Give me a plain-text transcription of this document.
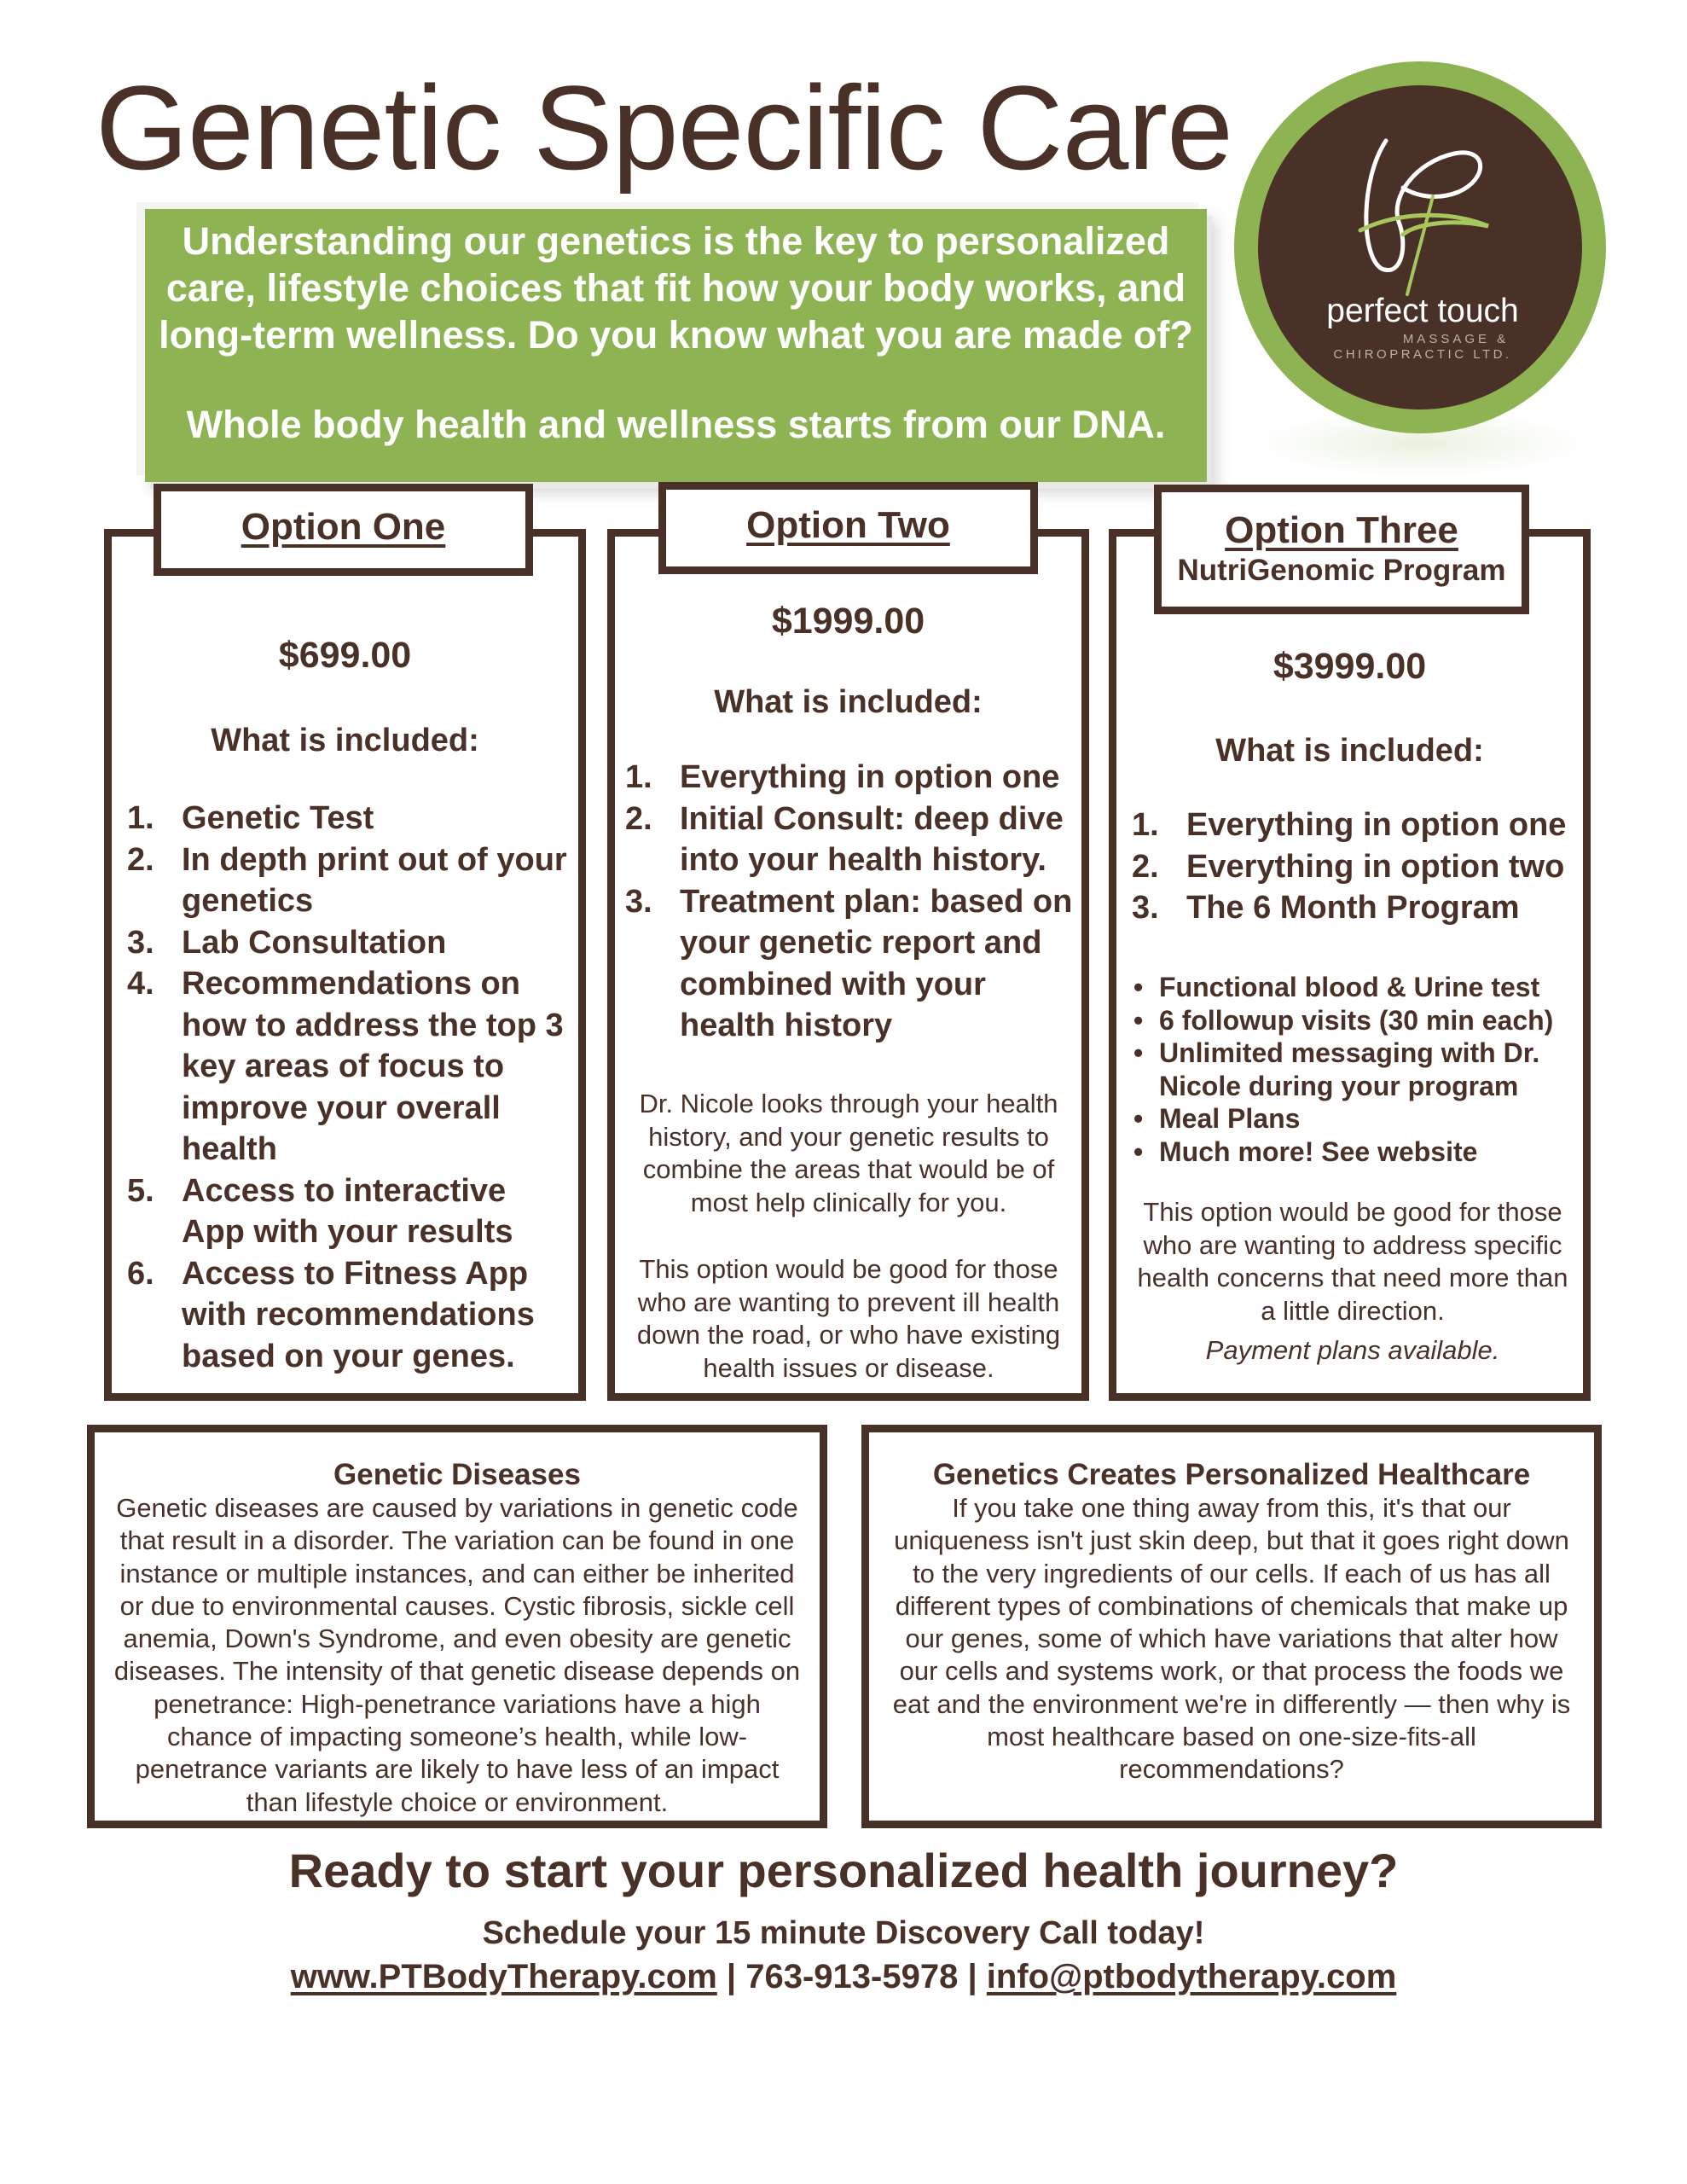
Genetic Specific Care

Understanding our genetics is the key to personalized care, lifestyle choices that fit how your body works, and long-term wellness. Do you know what you are made of?

Whole body health and wellness starts from our DNA.

perfect touch
MASSAGE &
CHIROPRACTIC LTD.
$699.00
What is included:
1. Genetic Test
2. In depth print out of your genetics
3. Lab Consultation
4. Recommendations on how to address the top 3 key areas of focus to improve your overall health
5. Access to interactive App with your results
6. Access to Fitness App with recommendations based on your genes.
Option One
$1999.00
What is included:
1. Everything in option one
2. Initial Consult: deep dive into your health history.
3. Treatment plan: based on your genetic report and combined with your health history
Dr. Nicole looks through your health history, and your genetic results to combine the areas that would be of most help clinically for you.
This option would be good for those who are wanting to prevent ill health down the road, or who have existing health issues or disease.
Option Two
$3999.00
What is included:
1. Everything in option one
2. Everything in option two
3. The 6 Month Program
• Functional blood & Urine test
• 6 followup visits (30 min each)
• Unlimited messaging with Dr. Nicole during your program
• Meal Plans
• Much more! See website
This option would be good for those who are wanting to address specific health concerns that need more than a little direction.
Payment plans available.
Option Three
NutriGenomic Program
Genetic Diseases

Genetic diseases are caused by variations in genetic code that result in a disorder. The variation can be found in one instance or multiple instances, and can either be inherited or due to environmental causes. Cystic fibrosis, sickle cell anemia, Down's Syndrome, and even obesity are genetic diseases. The intensity of that genetic disease depends on penetrance: High-penetrance variations have a high chance of impacting someone’s health, while low-penetrance variants are likely to have less of an impact than lifestyle choice or environment.

Genetics Creates Personalized Healthcare

If you take one thing away from this, it's that our uniqueness isn't just skin deep, but that it goes right down to the very ingredients of our cells. If each of us has all different types of combinations of chemicals that make up our genes, some of which have variations that alter how our cells and systems work, or that process the foods we eat and the environment we're in differently — then why is most healthcare based on one-size-fits-all recommendations?

Ready to start your personalized health journey?
Schedule your 15 minute Discovery Call today!
www.PTBodyTherapy.com | 763-913-5978 | info@ptbodytherapy.com
